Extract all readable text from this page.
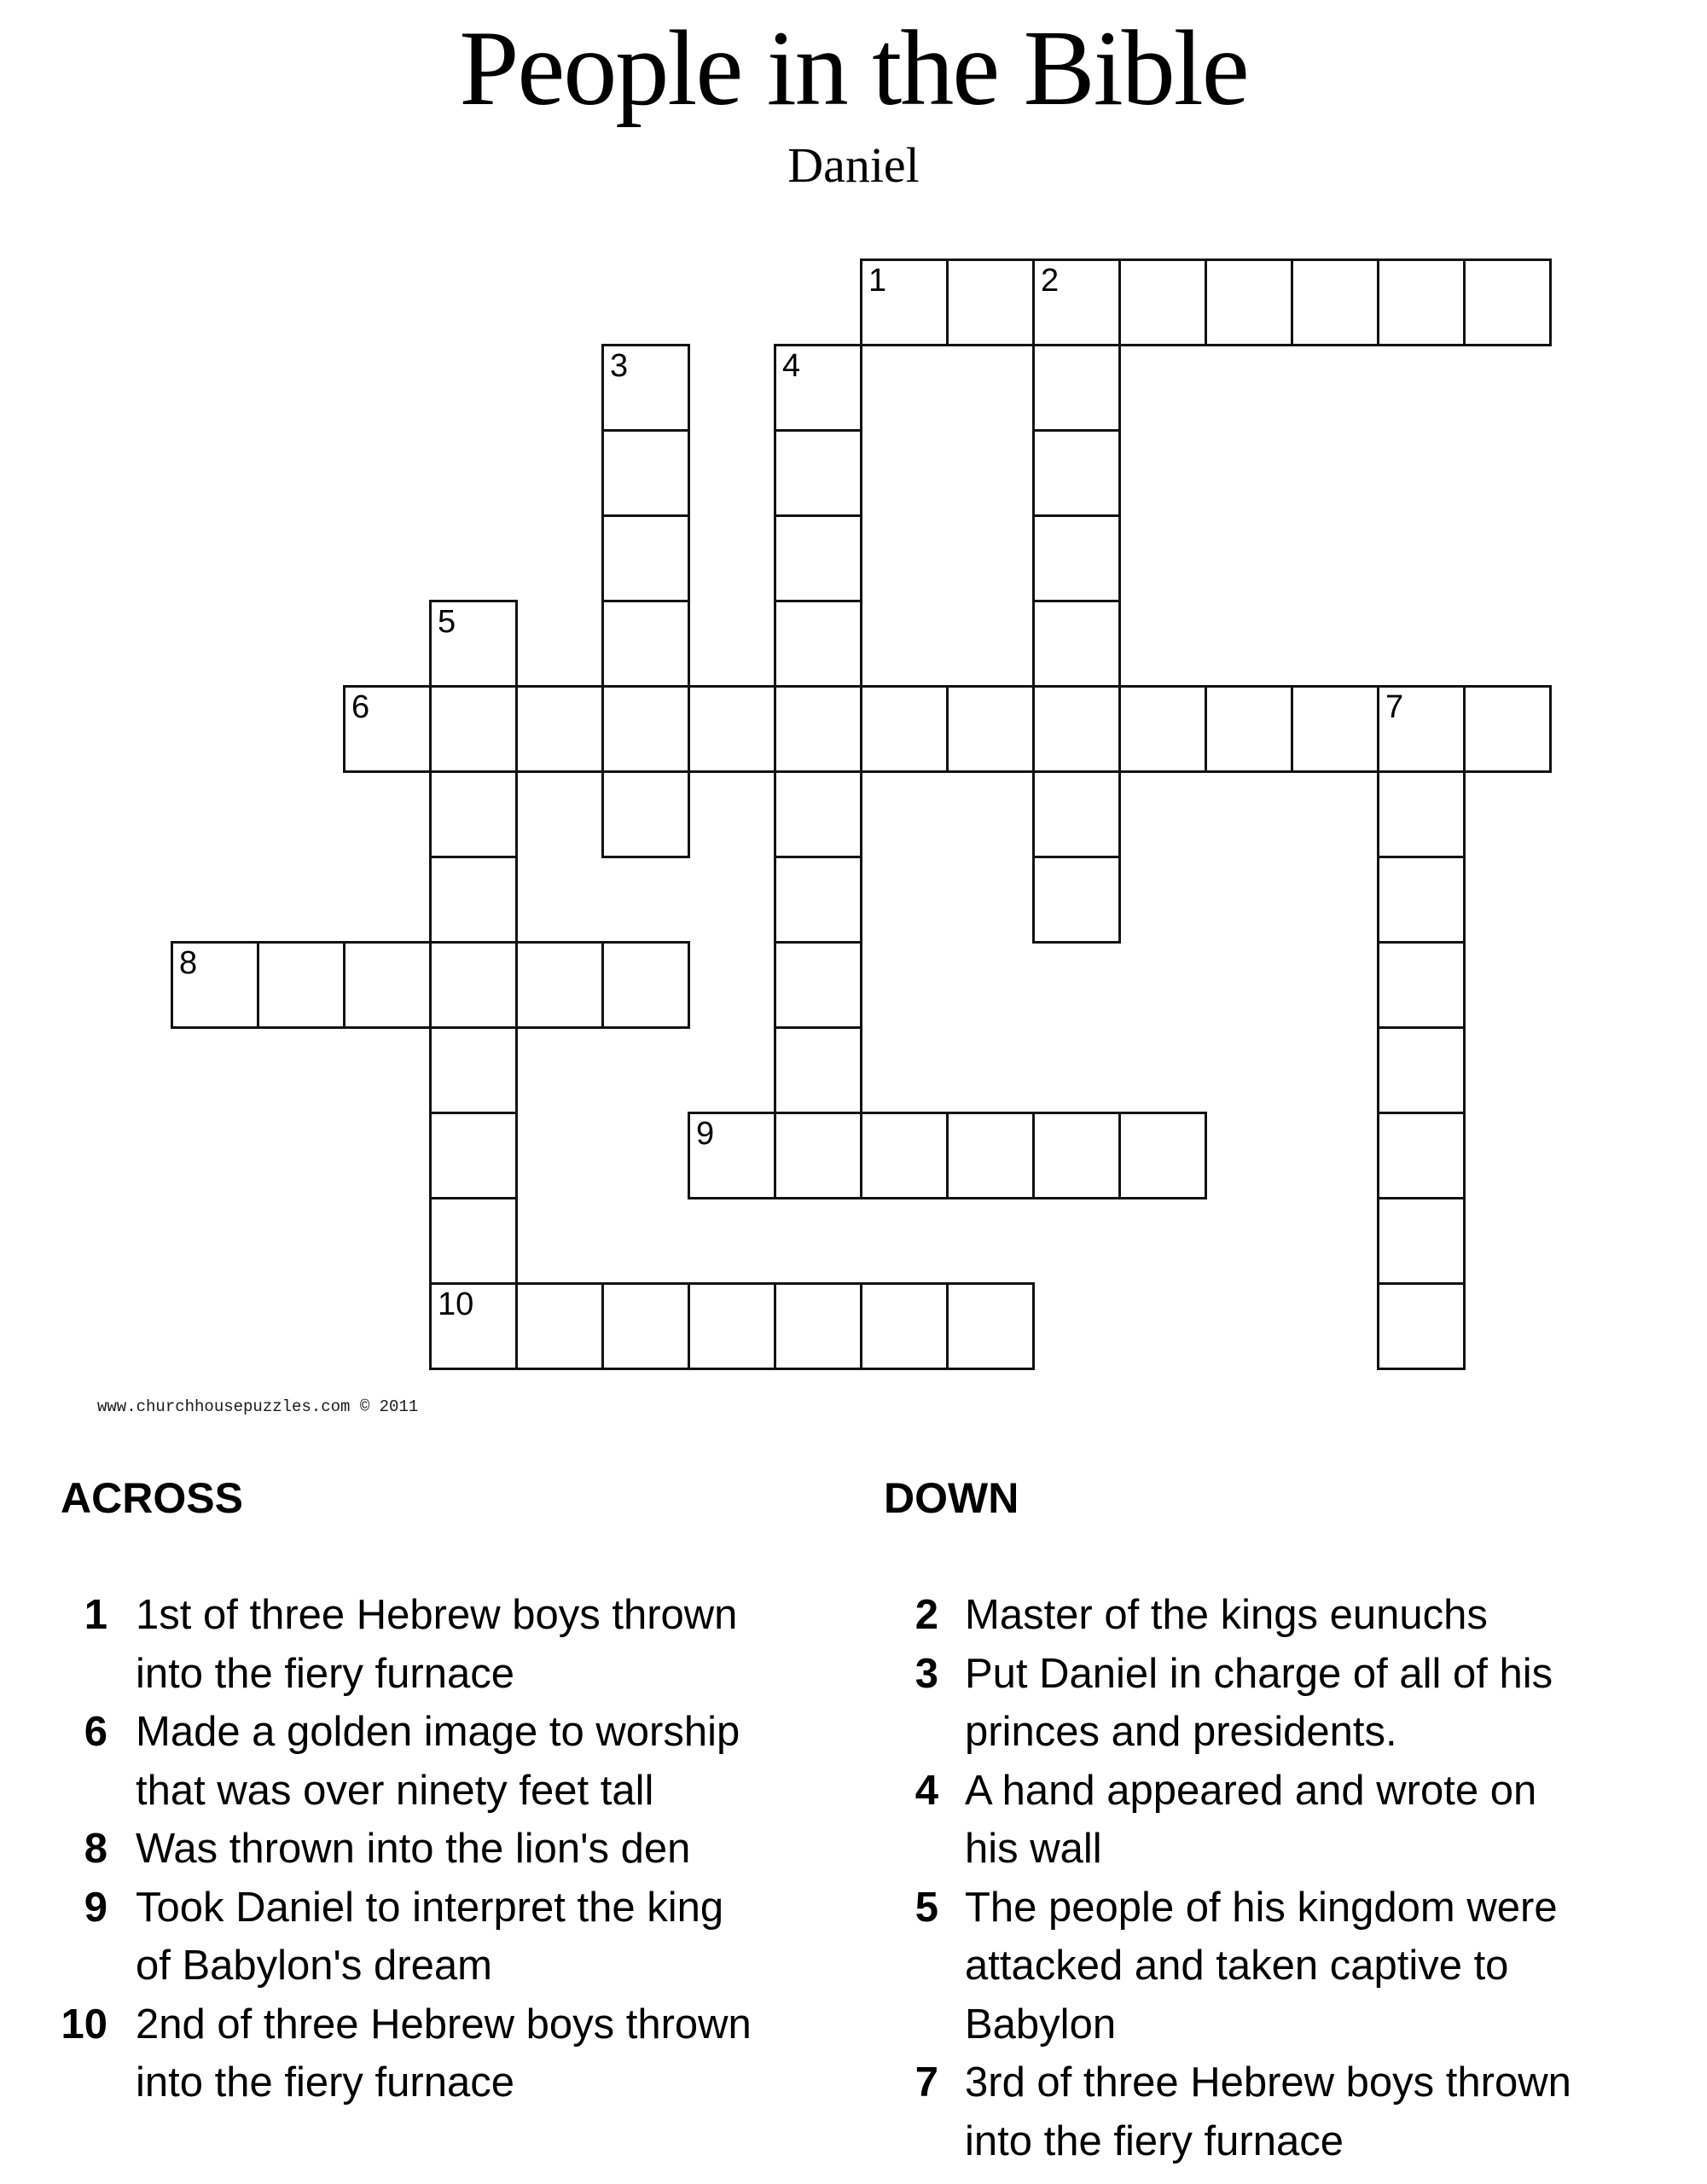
People in the Bible
Daniel
1	2
3	4
5
10
6	7
8
9
www.churchhousepuzzles.com © 2011
ACROSS	DOWN
1 1st of three Hebrew boys thrown
into the fiery furnace
6 Made a golden image to worship
that was over ninety feet tall
8 Was thrown into the lion's den
9 Took Daniel to interpret the king
of Babylon's dream
10 2nd of three Hebrew boys thrown
into the fiery furnace
2 Master of the kings eunuchs
3 Put Daniel in charge of all of his
princes and presidents.
4 A hand appeared and wrote on
his wall
5 The people of his kingdom were
attacked and taken captive to
Babylon
7 3rd of three Hebrew boys thrown
into the fiery furnace
